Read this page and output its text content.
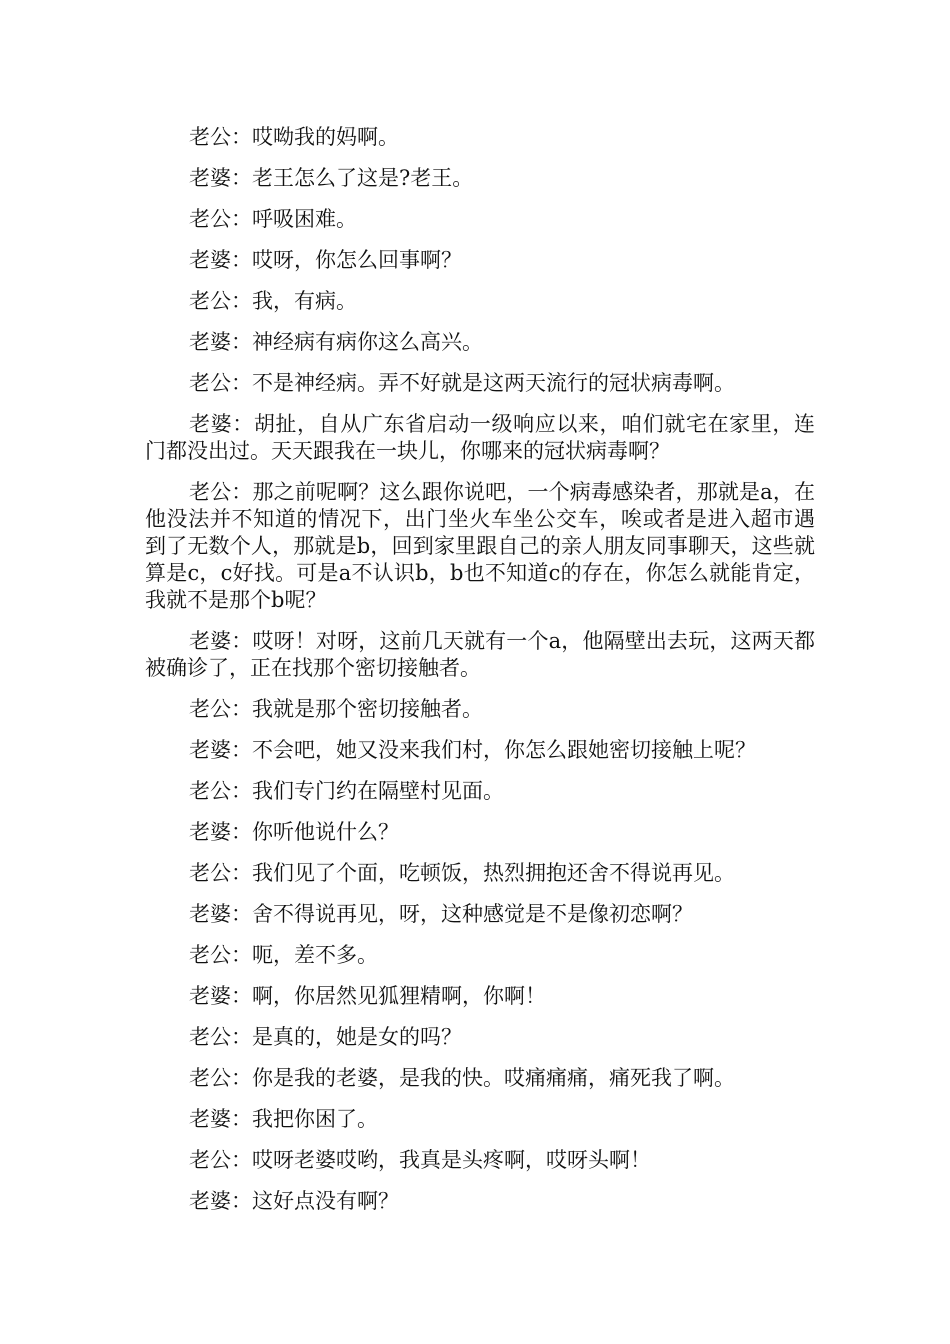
老公：哎呦我的妈啊。

老婆：老王怎么了这是?老王。

老公：呼吸困难。

老婆：哎呀，你怎么回事啊？

老公：我，有病。

老婆：神经病有病你这么高兴。

老公：不是神经病。弄不好就是这两天流行的冠状病毒啊。

老婆：胡扯，自从广东省启动一级响应以来，咱们就宅在家里，连门都没出过。天天跟我在一块儿，你哪来的冠状病毒啊？

老公：那之前呢啊？这么跟你说吧，一个病毒感染者，那就是a，在他没法并不知道的情况下，出门坐火车坐公交车，唉或者是进入超市遇到了无数个人，那就是b，回到家里跟自己的亲人朋友同事聊天，这些就算是c，c好找。可是a不认识b，b也不知道c的存在，你怎么就能肯定，我就不是那个b呢？

老婆：哎呀！对呀，这前几天就有一个a，他隔壁出去玩，这两天都被确诊了，正在找那个密切接触者。

老公：我就是那个密切接触者。

老婆：不会吧，她又没来我们村，你怎么跟她密切接触上呢？

老公：我们专门约在隔壁村见面。

老婆：你听他说什么？

老公：我们见了个面，吃顿饭，热烈拥抱还舍不得说再见。

老婆：舍不得说再见，呀，这种感觉是不是像初恋啊？

老公：呃，差不多。

老婆：啊，你居然见狐狸精啊，你啊！

老公：是真的，她是女的吗？

老公：你是我的老婆，是我的快。哎痛痛痛，痛死我了啊。

老婆：我把你困了。

老公：哎呀老婆哎哟，我真是头疼啊，哎呀头啊！

老婆：这好点没有啊？
